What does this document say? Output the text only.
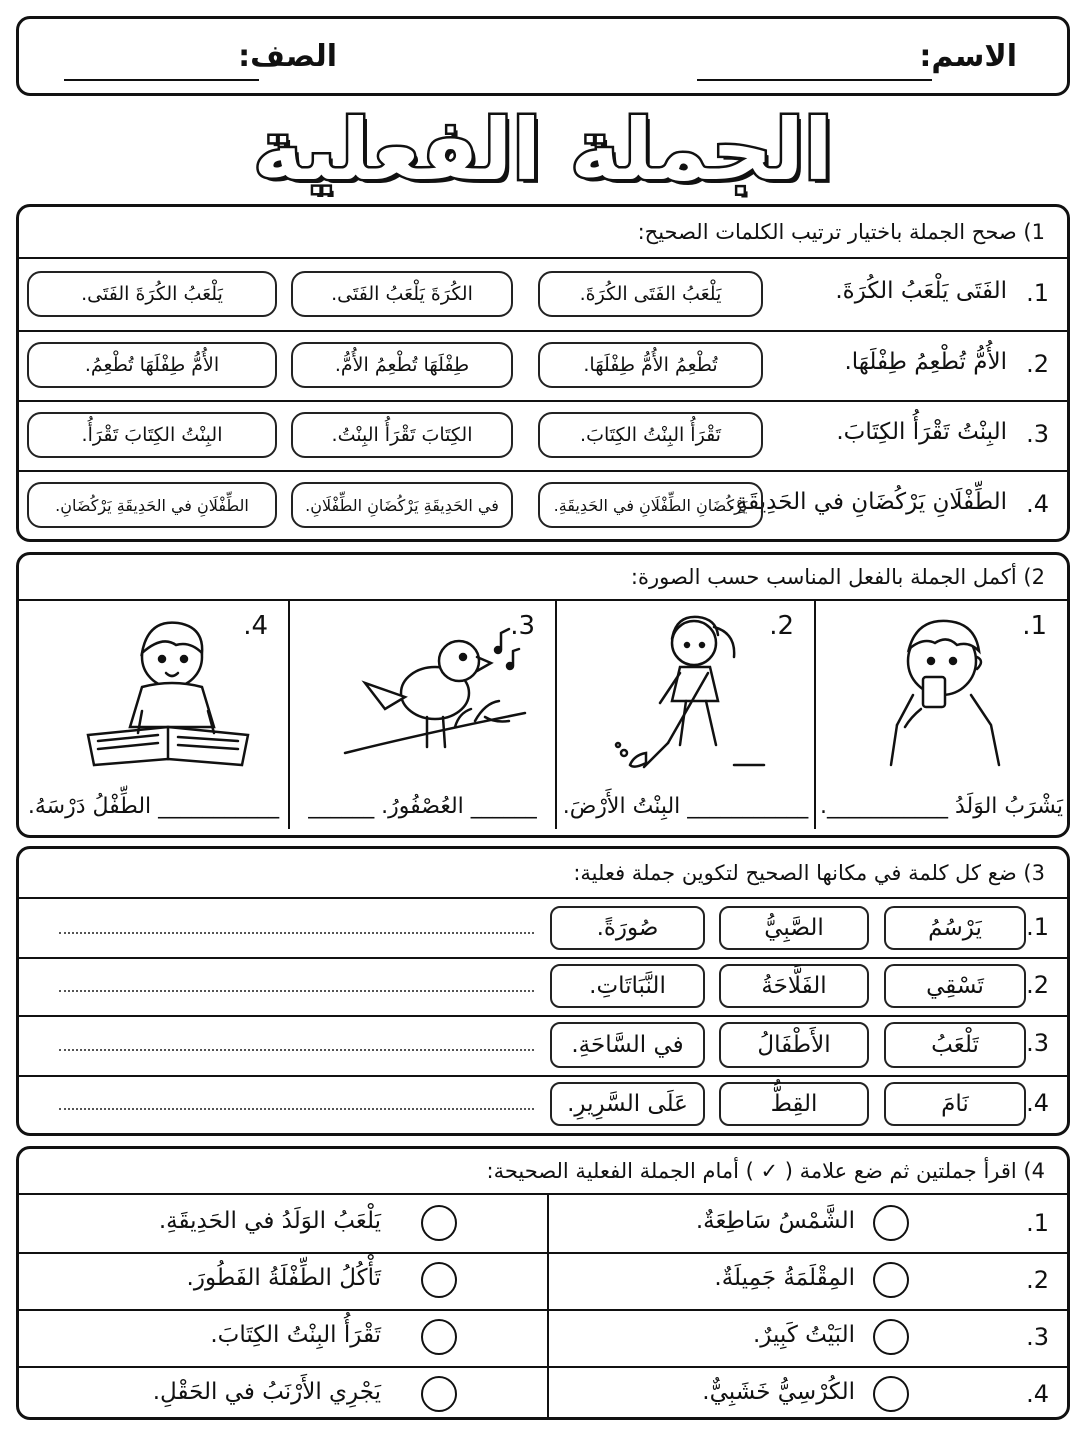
الاسم:
الصف:
الجملة الفعلية
1) صحح الجملة باختيار ترتيب الكلمات الصحيح:
1.
الفَتَى يَلْعَبُ الكُرَةَ.
يَلْعَبُ الكُرَةَ الفَتَى.	الكُرَةَ يَلْعَبُ الفَتَى.	يَلْعَبُ الفَتَى الكُرَةَ.
2.
الأُمُّ تُطْعِمُ طِفْلَهَا.
الأُمُّ طِفْلَهَا تُطْعِمُ.	طِفْلَهَا تُطْعِمُ الأُمُّ.	تُطْعِمُ الأُمُّ طِفْلَهَا.
3.
البِنْتُ تَقْرَأُ الكِتَابَ.
البِنْتُ الكِتَابَ تَقْرَأُ.	الكِتَابَ تَقْرَأُ البِنْتُ.	تَقْرَأُ البِنْتُ الكِتَابَ.
4.
الطِّفْلَانِ يَرْكُضَانِ في الحَدِيقَةِ.
الطِّفْلَانِ في الحَدِيقَةِ يَرْكُضَانِ.	في الحَدِيقَةِ يَرْكُضَانِ الطِّفْلَانِ.	يَرْكُضَانِ الطِّفْلَانِ في الحَدِيقَةِ.
2) أكمل الجملة بالفعل المناسب حسب الصورة:
1.
يَشْرَبُ الوَلَدُ ___________.
2.
___________ البِنْتُ الأَرْضَ.
3.
______ العُصْفُورُ. ______
4.
___________ الطِّفْلُ دَرْسَهُ.
3) ضع كل كلمة في مكانها الصحيح لتكوين جملة فعلية:
1.
يَرْسُمُ
الصَّبِيُّ
صُورَةً.
2.
تَسْقِي
الفَلَّاحَةُ
النَّبَاتَاتِ.
3.
تَلْعَبُ
الأَطْفَالُ
في السَّاحَةِ.
4.
نَامَ
القِطُّ
عَلَى السَّرِيرِ.
4) اقرأ جملتين ثم ضع علامة ( ✓ ) أمام الجملة الفعلية الصحيحة:
1.
الشَّمْسُ سَاطِعَةٌ.
يَلْعَبُ الوَلَدُ في الحَدِيقَةِ.
2.
المِقْلَمَةُ جَمِيلَةٌ.
تَأْكُلُ الطِّفْلَةُ الفَطُورَ.
3.
البَيْتُ كَبِيرٌ.
تَقْرَأُ البِنْتُ الكِتَابَ.
4.
الكُرْسِيُّ خَشَبِيٌّ.
يَجْرِي الأَرْنَبُ في الحَقْلِ.
